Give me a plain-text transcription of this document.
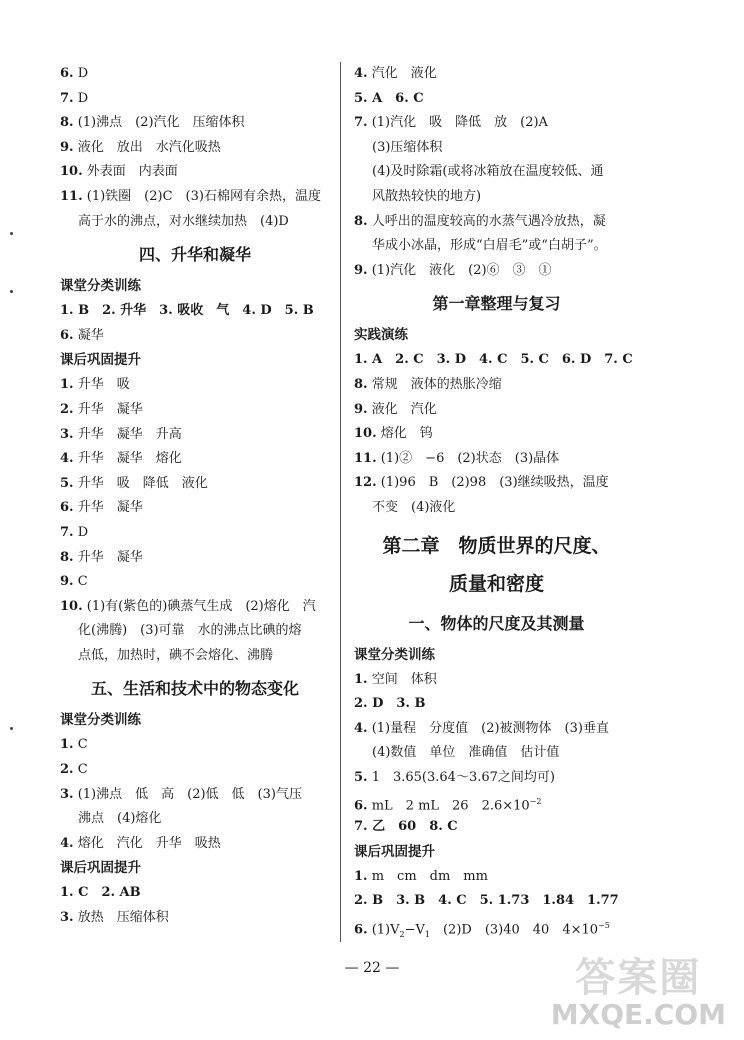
6. D
7. D
8. (1)沸点　(2)汽化　压缩体积
9. 液化　放出　水汽化吸热
10. 外表面　内表面
11. (1)铁圈　(2)C　(3)石棉网有余热，温度
高于水的沸点，对水继续加热　(4)D
四、升华和凝华
课堂分类训练
1. B　2. 升华　3. 吸收　气　4. D　5. B
6. 凝华
课后巩固提升
1. 升华　吸
2. 升华　凝华
3. 升华　凝华　升高
4. 升华　凝华　熔化
5. 升华　吸　降低　液化
6. 升华　凝华
7. D
8. 升华　凝华
9. C
10. (1)有(紫色的)碘蒸气生成　(2)熔化　汽
化(沸腾)　(3)可靠　水的沸点比碘的熔
点低，加热时，碘不会熔化、沸腾
五、生活和技术中的物态变化
课堂分类训练
1. C
2. C
3. (1)沸点　低　高　(2)低　低　(3)气压
沸点　(4)熔化
4. 熔化　汽化　升华　吸热
课后巩固提升
1. C　2. AB
3. 放热　压缩体积
4. 汽化　液化
5. A　6. C
7. (1)汽化　吸　降低　放　(2)A
(3)压缩体积
(4)及时除霜(或将冰箱放在温度较低、通
风散热较快的地方)
8. 人呼出的温度较高的水蒸气遇冷放热，凝
华成小冰晶，形成“白眉毛”或“白胡子”。
9. (1)汽化　液化　(2)⑥　③　①
第一章整理与复习
实践演练
1. A　2. C　3. D　4. C　5. C　6. D　7. C
8. 常规　液体的热胀冷缩
9. 液化　汽化
10. 熔化　钨
11. (1)②　−6　(2)状态　(3)晶体
12. (1)96　B　(2)98　(3)继续吸热，温度
不变　(4)液化
第二章　物质世界的尺度、
质量和密度
一、物体的尺度及其测量
课堂分类训练
1. 空间　体积
2. D　3. B
4. (1)量程　分度值　(2)被测物体　(3)垂直
(4)数值　单位　准确值　估计值
5. 1　3.65(3.64～3.67之间均可)
6. mL　2 mL　26　$2.6\times 10^{-2}$
7. 乙　60　8. C
课后巩固提升
1. m　cm　dm　mm
2. B　3. B　4. C　5. 1.73　1.84　1.77
6. $(1)V_2-V_1$　(2)D　(3)40　40　$4\times 10^{-5}$
— 22 —	答案圈
MXQE.COM
